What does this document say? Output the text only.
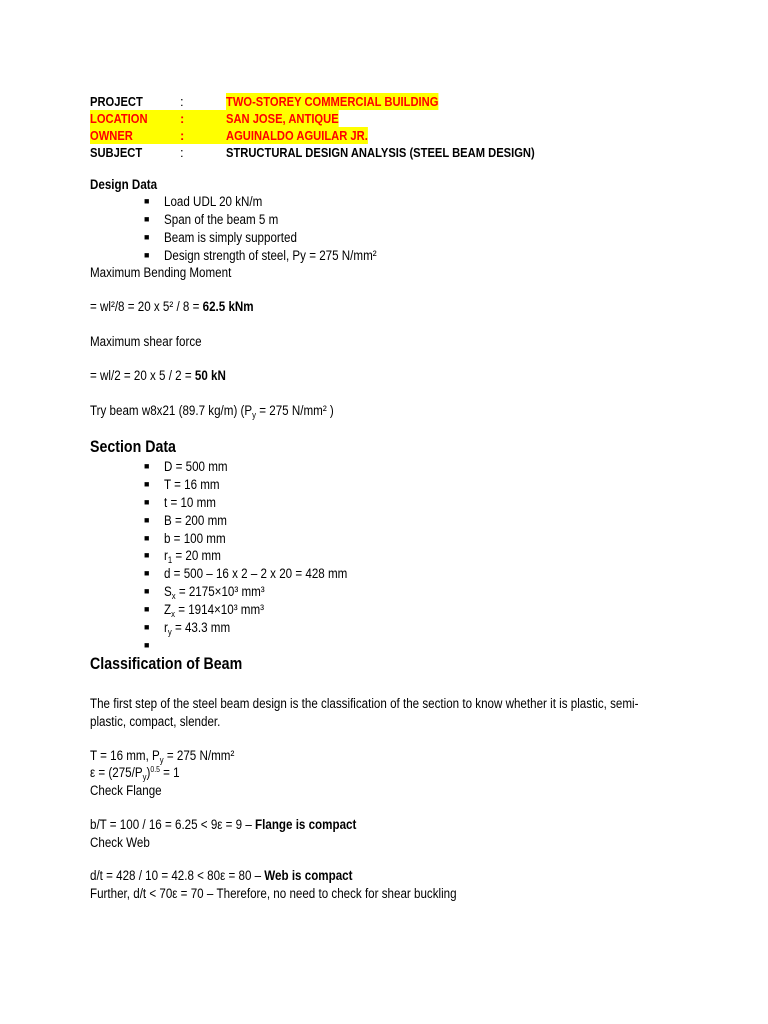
PROJECT	:	TWO-STOREY COMMERCIAL BUILDING
LOCATION :	SAN JOSE, ANTIQUE
OWNER	:	AGUINALDO AGUILAR JR.
SUBJECT	:	STRUCTURAL DESIGN ANALYSIS (STEEL BEAM DESIGN)
Design Data
■ Load UDL 20 kN/m
■ Span of the beam 5 m
■ Beam is simply supported
■ Design strength of steel, Py = 275 N/mm²
Maximum Bending Moment
= wl²/8 = 20 x 5² / 8 = 62.5 kNm
Maximum shear force
= wl/2 = 20 x 5 / 2 = 50 kN
Try beam w8x21 (89.7 kg/m) ($P_y = 275$ N/mm² )
Section Data
■ D = 500 mm
■ T = 16 mm
■ t = 10 mm
■ B = 200 mm
■ b = 100 mm
■ $r_1 = 20$ mm
■ d = 500 – 16 x 2 – 2 x 20 = 428 mm
■ $S_x = 2175\times 10^3$ mm³
■ $Z_x = 1914\times 10^3$ mm³
■ $r_y = 43.3$ mm
■
Classification of Beam
The first step of the steel beam design is the classification of the section to know whether it is plastic, semi-
plastic, compact, slender.
T = 16 mm, $P_y = 275$ N/mm²
$\varepsilon = (275/P_y)^{0.5} = 1$
Check Flange
b/T = 100 / 16 = 6.25 < 9ε = 9 – Flange is compact
Check Web
d/t = 428 / 10 = 42.8 < 80ε = 80 – Web is compact
Further, d/t < 70ε = 70 – Therefore, no need to check for shear buckling
